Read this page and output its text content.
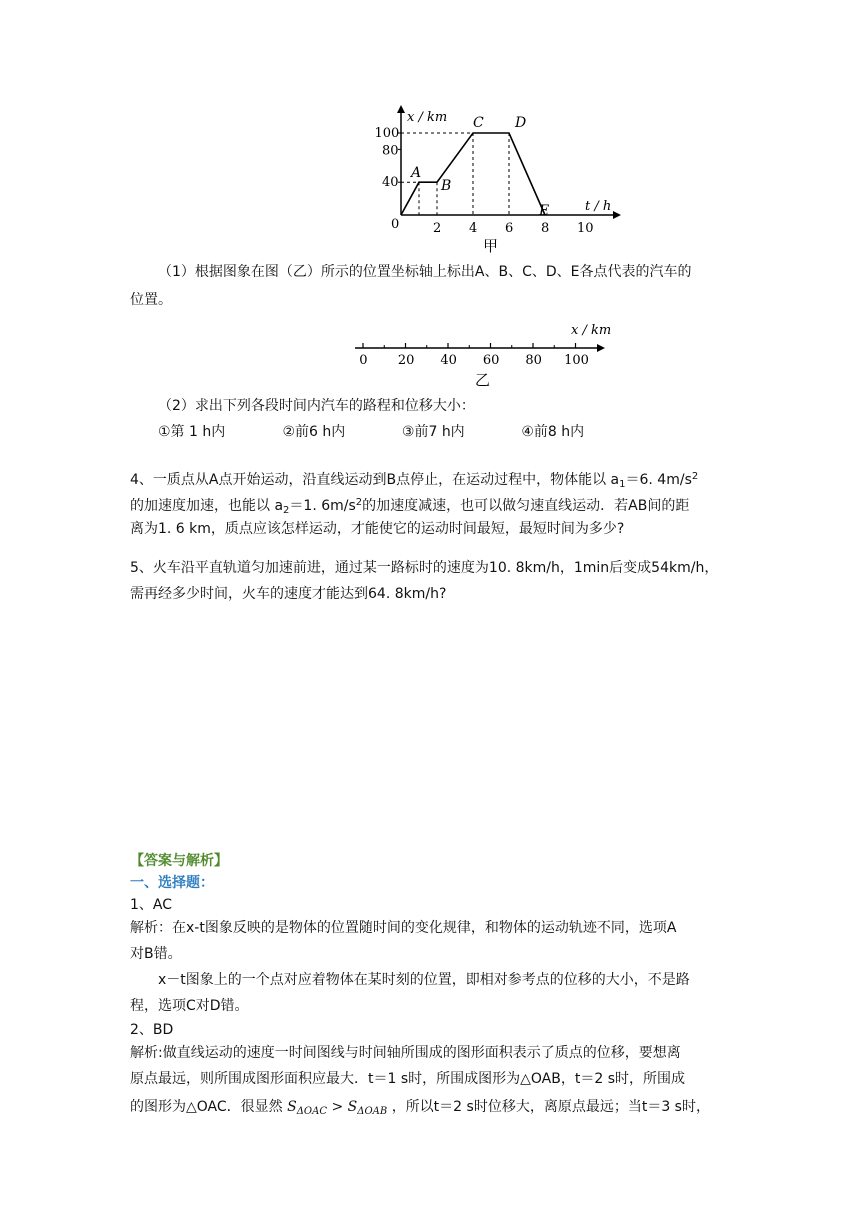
2 4 6 8 10
40
80
100
A
B
C D
E
x / km
t / h
0
甲
（1）根据图象在图（乙）所示的位置坐标轴上标出A、B、C、D、E各点代表的汽车的
位置。
0 20 40 60 80 100
x / km
乙
（2）求出下列各段时间内汽车的路程和位移大小：
①第 1 h内	②前6 h内	③前7 h内	④前8 h内
4、一质点从A点开始运动，沿直线运动到B点停止，在运动过程中，物体能以 $a_1=6$. $4m/s^2$
的加速度加速，也能以 $a_2=1$. $6m/s^2$的加速度减速，也可以做匀速直线运动．若AB间的距
离为1. 6 km，质点应该怎样运动，才能使它的运动时间最短，最短时间为多少?
5、火车沿平直轨道匀加速前进，通过某一路标时的速度为10. 8km/h，1min后变成54km/h，
需再经多少时间，火车的速度才能达到64. 8km/h?
【答案与解析】
一、选择题：
1、AC
解析：在x-t图象反映的是物体的位置随时间的变化规律，和物体的运动轨迹不同，选项A
对B错。
x－t图象上的一个点对应着物体在某时刻的位置，即相对参考点的位移的大小，不是路
程，选项C对D错。
2、BD
解析:做直线运动的速度一时间图线与时间轴所围成的图形面积表示了质点的位移，要想离
原点最远，则所围成图形面积应最大．t＝1 s时，所围成图形为△OAB，t＝2 s时，所围成
的图形为△OAC．很显然 $S_{\Delta OAC} > S_{\Delta OAB}$ ，所以t＝2 s时位移大，离原点最远；当t＝3 s时，
